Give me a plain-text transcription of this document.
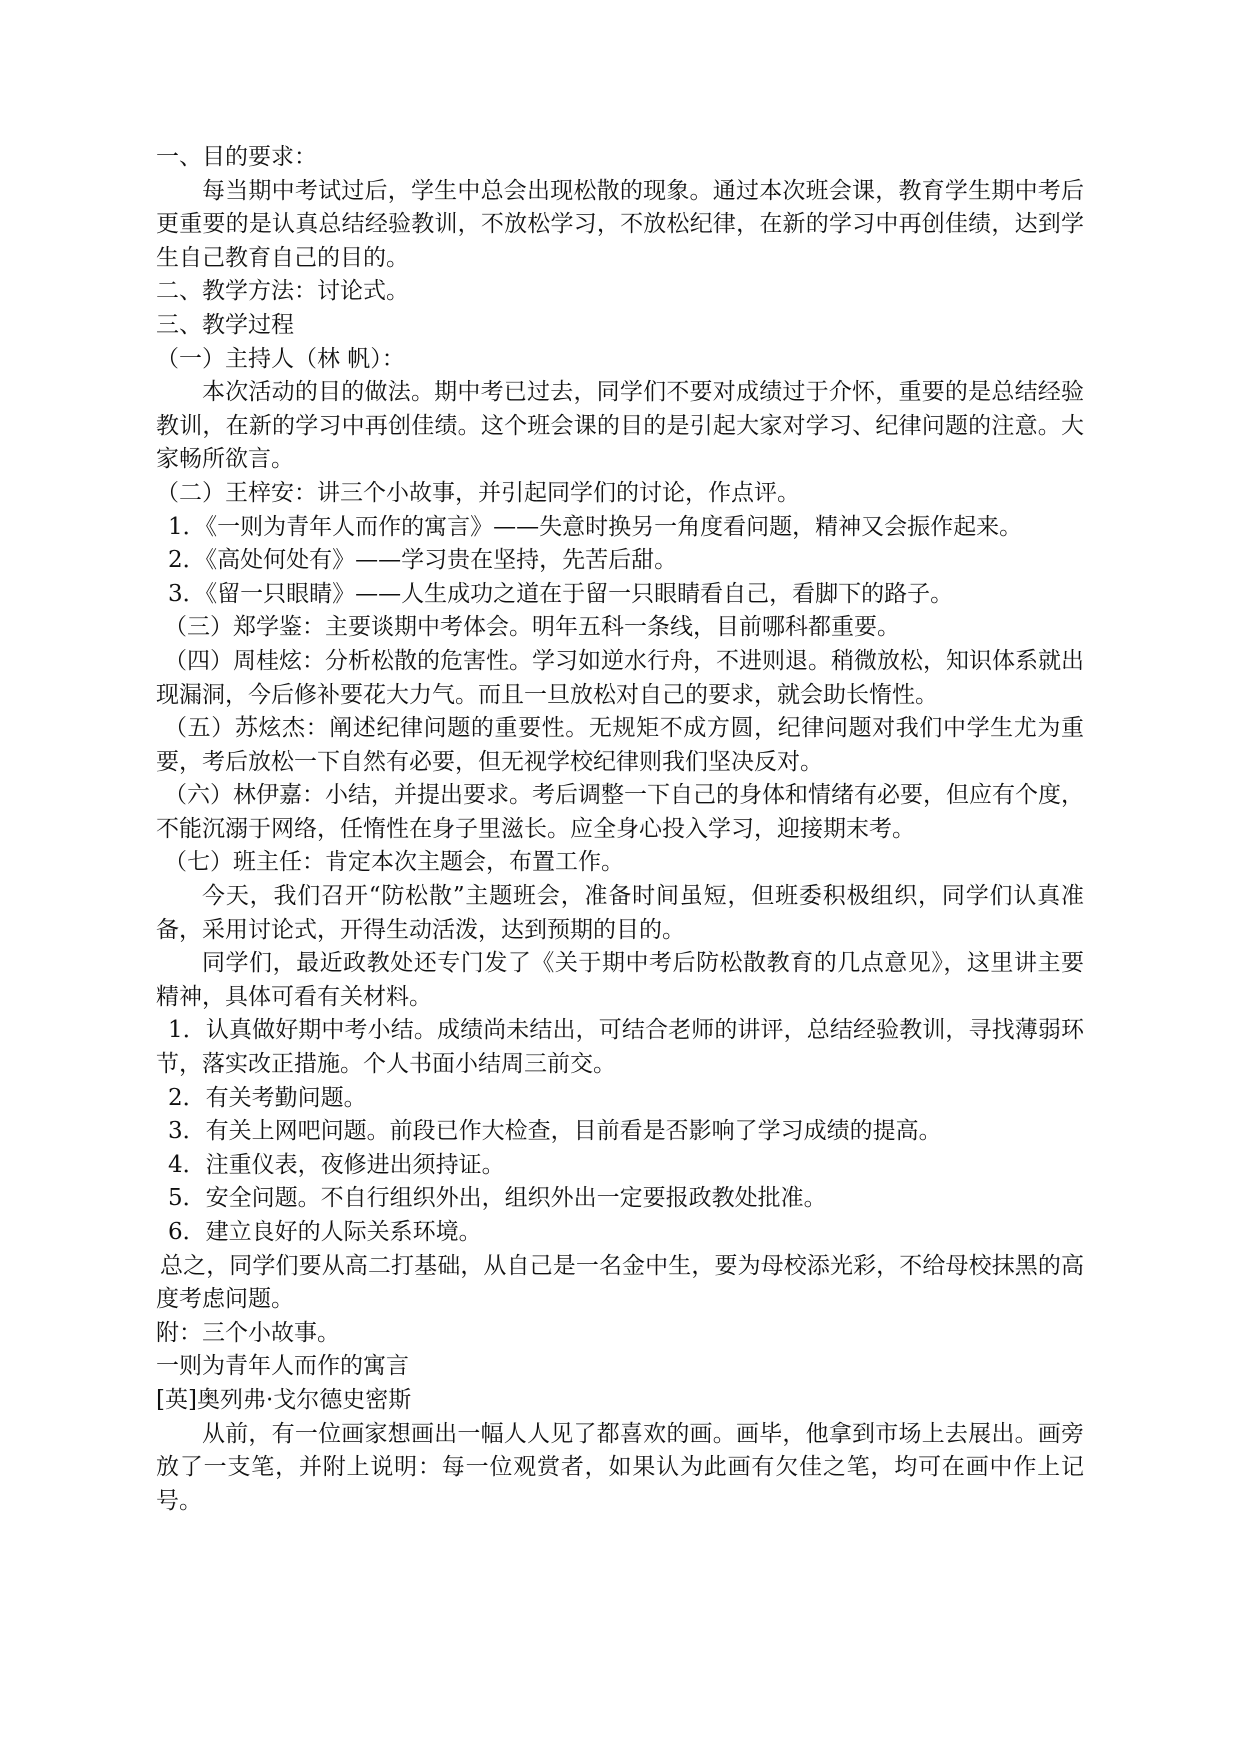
一、目的要求：

每当期中考试过后，学生中总会出现松散的现象。通过本次班会课，教育学生期中考后更重要的是认真总结经验教训，不放松学习，不放松纪律，在新的学习中再创佳绩，达到学生自己教育自己的目的。

二、教学方法：讨论式。

三、教学过程

（一）主持人（林 帆）：

本次活动的目的做法。期中考已过去，同学们不要对成绩过于介怀，重要的是总结经验教训，在新的学习中再创佳绩。这个班会课的目的是引起大家对学习、纪律问题的注意。大家畅所欲言。

（二）王梓安：讲三个小故事，并引起同学们的讨论，作点评。

1．《一则为青年人而作的寓言》——失意时换另一角度看问题，精神又会振作起来。

2．《高处何处有》——学习贵在坚持，先苦后甜。

3．《留一只眼睛》——人生成功之道在于留一只眼睛看自己，看脚下的路子。

（三）郑学鉴：主要谈期中考体会。明年五科一条线，目前哪科都重要。

（四）周桂炫：分析松散的危害性。学习如逆水行舟，不进则退。稍微放松，知识体系就出现漏洞，今后修补要花大力气。而且一旦放松对自己的要求，就会助长惰性。

（五）苏炫杰：阐述纪律问题的重要性。无规矩不成方圆，纪律问题对我们中学生尤为重要，考后放松一下自然有必要，但无视学校纪律则我们坚决反对。

（六）林伊嘉：小结，并提出要求。考后调整一下自己的身体和情绪有必要，但应有个度，不能沉溺于网络，任惰性在身子里滋长。应全身心投入学习，迎接期末考。

（七）班主任：肯定本次主题会，布置工作。

今天，我们召开“防松散”主题班会，准备时间虽短，但班委积极组织，同学们认真准备，采用讨论式，开得生动活泼，达到预期的目的。

同学们，最近政教处还专门发了《关于期中考后防松散教育的几点意见》，这里讲主要精神，具体可看有关材料。

1．认真做好期中考小结。成绩尚未结出，可结合老师的讲评，总结经验教训，寻找薄弱环节，落实改正措施。个人书面小结周三前交。

2．有关考勤问题。

3．有关上网吧问题。前段已作大检查，目前看是否影响了学习成绩的提高。

4．注重仪表，夜修进出须持证。

5．安全问题。不自行组织外出，组织外出一定要报政教处批准。

6．建立良好的人际关系环境。

总之，同学们要从高二打基础，从自己是一名金中生，要为母校添光彩，不给母校抹黑的高度考虑问题。

附：三个小故事。

一则为青年人而作的寓言

[英]奥列弗·戈尔德史密斯

从前，有一位画家想画出一幅人人见了都喜欢的画。画毕，他拿到市场上去展出。画旁放了一支笔，并附上说明：每一位观赏者，如果认为此画有欠佳之笔，均可在画中作上记号。
